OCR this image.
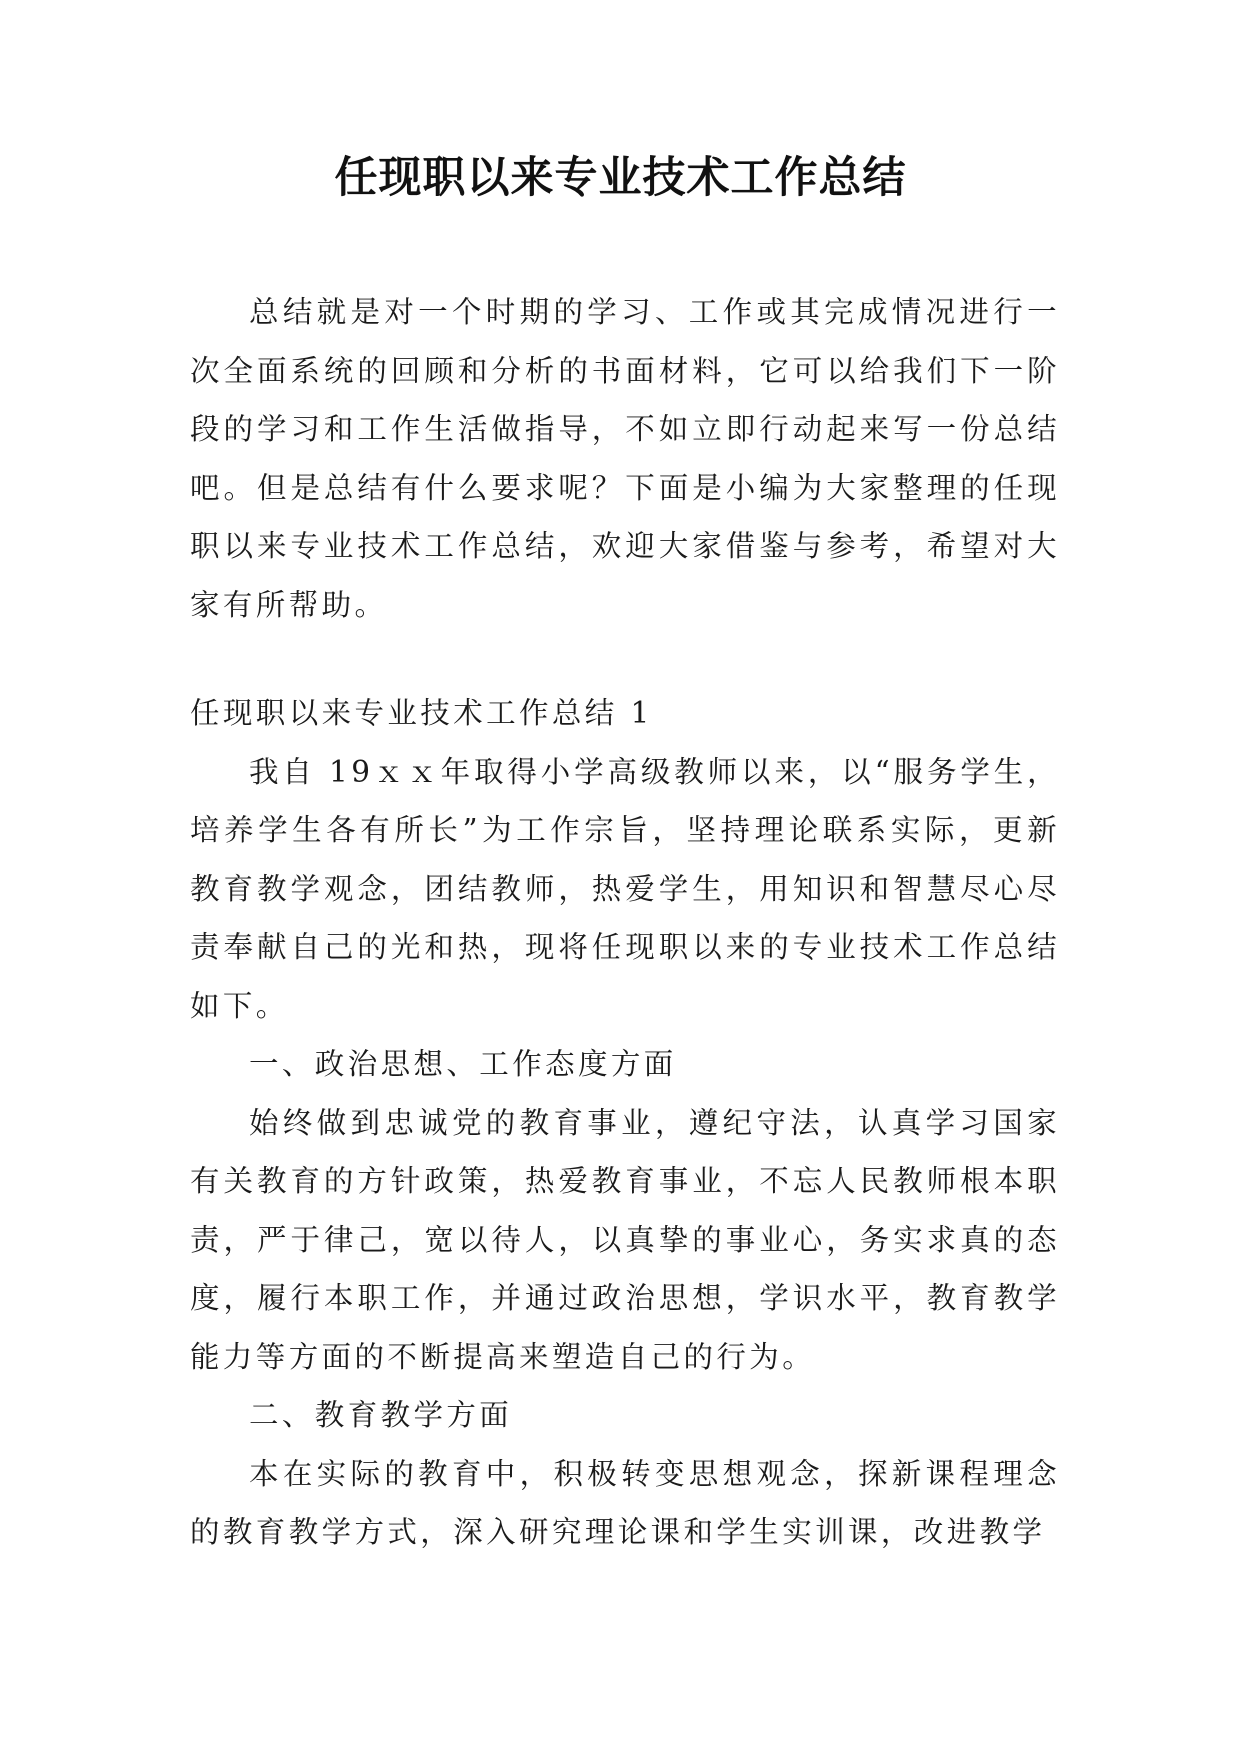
任现职以来专业技术工作总结

总结就是对一个时期的学习、工作或其完成情况进行一次全面系统的回顾和分析的书面材料，它可以给我们下一阶段的学习和工作生活做指导，不如立即行动起来写一份总结吧。但是总结有什么要求呢？下面是小编为大家整理的任现职以来专业技术工作总结，欢迎大家借鉴与参考，希望对大家有所帮助。

任现职以来专业技术工作总结 1

我自 19ｘｘ年取得小学高级教师以来，以“服务学生，培养学生各有所长”为工作宗旨，坚持理论联系实际，更新教育教学观念，团结教师，热爱学生，用知识和智慧尽心尽责奉献自己的光和热，现将任现职以来的专业技术工作总结如下。

一、政治思想、工作态度方面

始终做到忠诚党的教育事业，遵纪守法，认真学习国家有关教育的方针政策，热爱教育事业，不忘人民教师根本职责，严于律己，宽以待人，以真挚的事业心，务实求真的态度，履行本职工作，并通过政治思想，学识水平，教育教学能力等方面的不断提高来塑造自己的行为。

二、教育教学方面

本在实际的教育中，积极转变思想观念，探新课程理念的教育教学方式，深入研究理论课和学生实训课，改进教学
